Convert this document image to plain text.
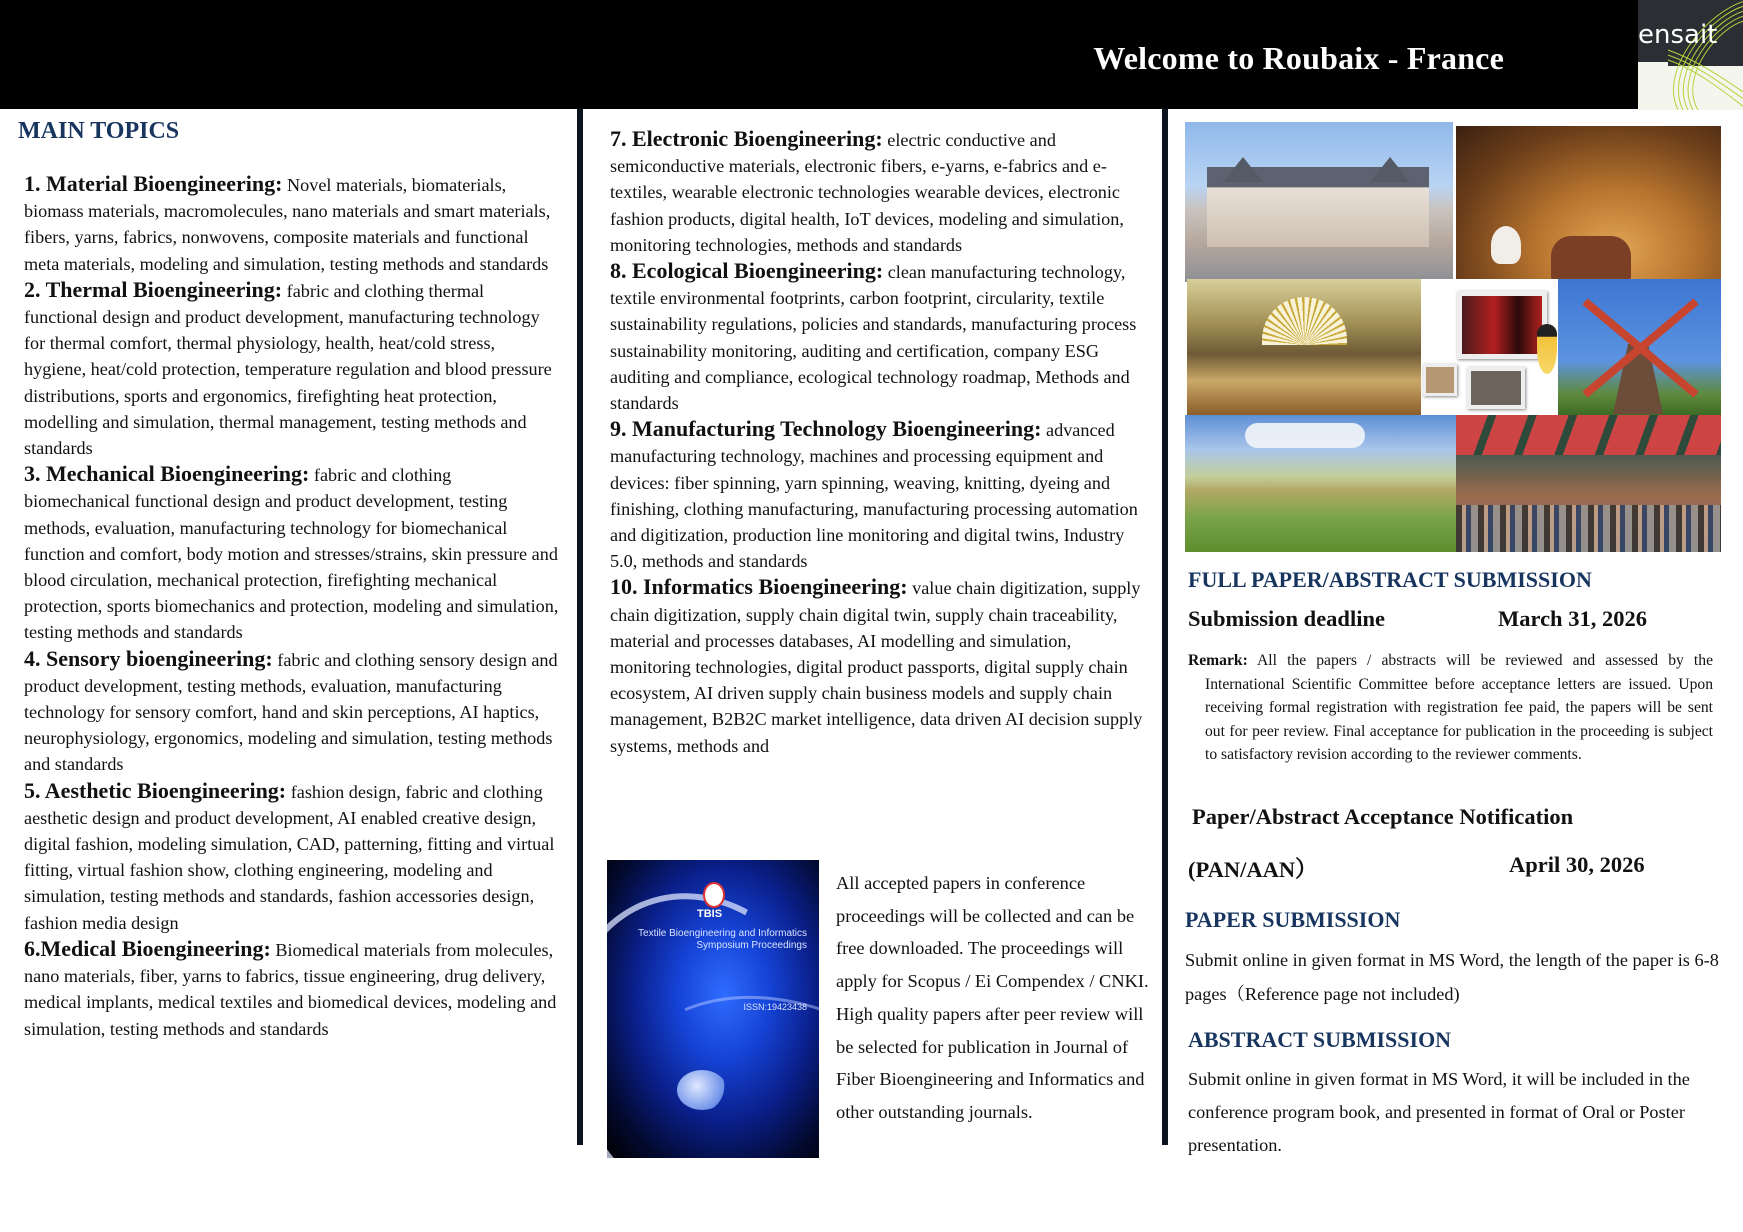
Welcome to Roubaix - France
ensait
MAIN TOPICS
1. Material Bioengineering: Novel materials, biomaterials, biomass materials, macromolecules, nano materials and smart materials, fibers, yarns, fabrics, nonwovens, composite materials and functional meta materials, modeling and simulation, testing methods and standards
2. Thermal Bioengineering: fabric and clothing thermal functional design and product development, manufacturing technology for thermal comfort, thermal physiology, health, heat/cold stress, hygiene, heat/cold protection, temperature regulation and blood pressure distributions, sports and ergonomics, firefighting heat protection, modelling and simulation, thermal management, testing methods and standards
3. Mechanical Bioengineering: fabric and clothing biomechanical functional design and product development, testing methods, evaluation, manufacturing technology for biomechanical function and comfort, body motion and stresses/strains, skin pressure and blood circulation, mechanical protection, firefighting mechanical protection, sports biomechanics and protection, modeling and simulation, testing methods and standards
4. Sensory bioengineering: fabric and clothing sensory design and product development, testing methods, evaluation, manufacturing technology for sensory comfort, hand and skin perceptions, AI haptics, neurophysiology, ergonomics, modeling and simulation, testing methods and standards
5. Aesthetic Bioengineering: fashion design, fabric and clothing aesthetic design and product development, AI enabled creative design, digital fashion, modeling simulation, CAD, patterning, fitting and virtual fitting, virtual fashion show, clothing engineering, modeling and simulation, testing methods and standards, fashion accessories design, fashion media design
6.Medical Bioengineering: Biomedical materials from molecules, nano materials, fiber, yarns to fabrics, tissue engineering, drug delivery, medical implants, medical textiles and biomedical devices, modeling and simulation, testing methods and standards
7. Electronic Bioengineering: electric conductive and semiconductive materials, electronic fibers, e-yarns, e-fabrics and e-textiles, wearable electronic technologies wearable devices, electronic fashion products, digital health, IoT devices, modeling and simulation, monitoring technologies, methods and standards
8. Ecological Bioengineering: clean manufacturing technology, textile environmental footprints, carbon footprint, circularity, textile sustainability regulations, policies and standards, manufacturing process sustainability monitoring, auditing and certification, company ESG auditing and compliance, ecological technology roadmap, Methods and standards
9. Manufacturing Technology Bioengineering: advanced manufacturing technology, machines and processing equipment and devices: fiber spinning, yarn spinning, weaving, knitting, dyeing and finishing, clothing manufacturing, manufacturing processing automation and digitization, production line monitoring and digital twins, Industry 5.0, methods and standards
10. Informatics Bioengineering: value chain digitization, supply chain digitization, supply chain digital twin, supply chain traceability, material and processes databases, AI modelling and simulation, monitoring technologies, digital product passports, digital supply chain ecosystem, AI driven supply chain business models and supply chain management, B2B2C market intelligence, data driven AI decision supply systems, methods and
TBIS
Textile Bioengineering and Informatics Symposium Proceedings
ISSN:19423438
All accepted papers in conference proceedings will be collected and can be free downloaded. The proceedings will apply for Scopus / Ei Compendex / CNKI. High quality papers after peer review will be selected for publication in Journal of Fiber Bioengineering and Informatics and other outstanding journals.
FULL PAPER/ABSTRACT SUBMISSION
Submission deadline	March 31, 2026
Remark: All the papers / abstracts will be reviewed and assessed by the International Scientific Committee before acceptance letters are issued. Upon receiving formal registration with registration fee paid, the papers will be sent out for peer review. Final acceptance for publication in the proceeding is subject to satisfactory revision according to the reviewer comments.
Paper/Abstract Acceptance Notification
(PAN/AAN）	April 30, 2026
PAPER SUBMISSION
Submit online in given format in MS Word, the length of the paper is 6-8 pages（Reference page not included)
ABSTRACT SUBMISSION
Submit online in given format in MS Word, it will be included in the conference program book, and presented in format of Oral or Poster presentation.
